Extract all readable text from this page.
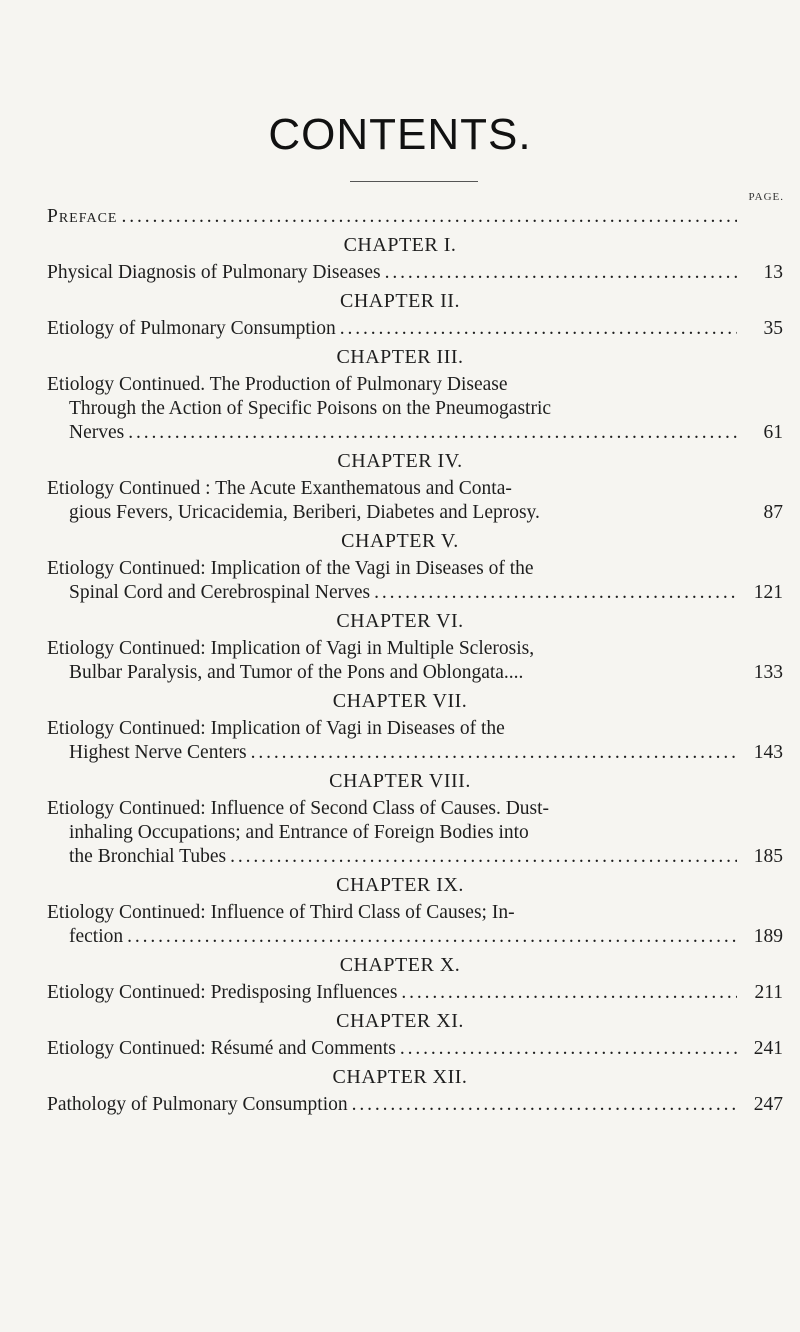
CONTENTS.
PAGE.
Preface
. . .
CHAPTER I.
Physical Diagnosis of Pulmonary Diseases . . .	13
CHAPTER II.
Etiology of Pulmonary Consumption . . .	35
CHAPTER III.
Etiology Continued. The Production of Pulmonary Disease
Through the Action of Specific Poisons on the Pneumogastric
Nerves . . .	61
CHAPTER IV.
Etiology Continued : The Acute Exanthematous and Conta-
gious Fevers, Uricacidemia, Beriberi, Diabetes and Leprosy.	87
CHAPTER V.
Etiology Continued: Implication of the Vagi in Diseases of the
Spinal Cord and Cerebrospinal Nerves . . .	121
CHAPTER VI.
Etiology Continued: Implication of Vagi in Multiple Sclerosis,
Bulbar Paralysis, and Tumor of the Pons and Oblongata....	133
CHAPTER VII.
Etiology Continued: Implication of Vagi in Diseases of the
Highest Nerve Centers . . .	143
CHAPTER VIII.
Etiology Continued: Influence of Second Class of Causes. Dust-
inhaling Occupations; and Entrance of Foreign Bodies into
the Bronchial Tubes . . .	185
CHAPTER IX.
Etiology Continued: Influence of Third Class of Causes; In-
fection . . .	189
CHAPTER X.
Etiology Continued: Predisposing Influences . . .	211
CHAPTER XI.
Etiology Continued: Résumé and Comments . . .	241
CHAPTER XII.
Pathology of Pulmonary Consumption . . .	247
